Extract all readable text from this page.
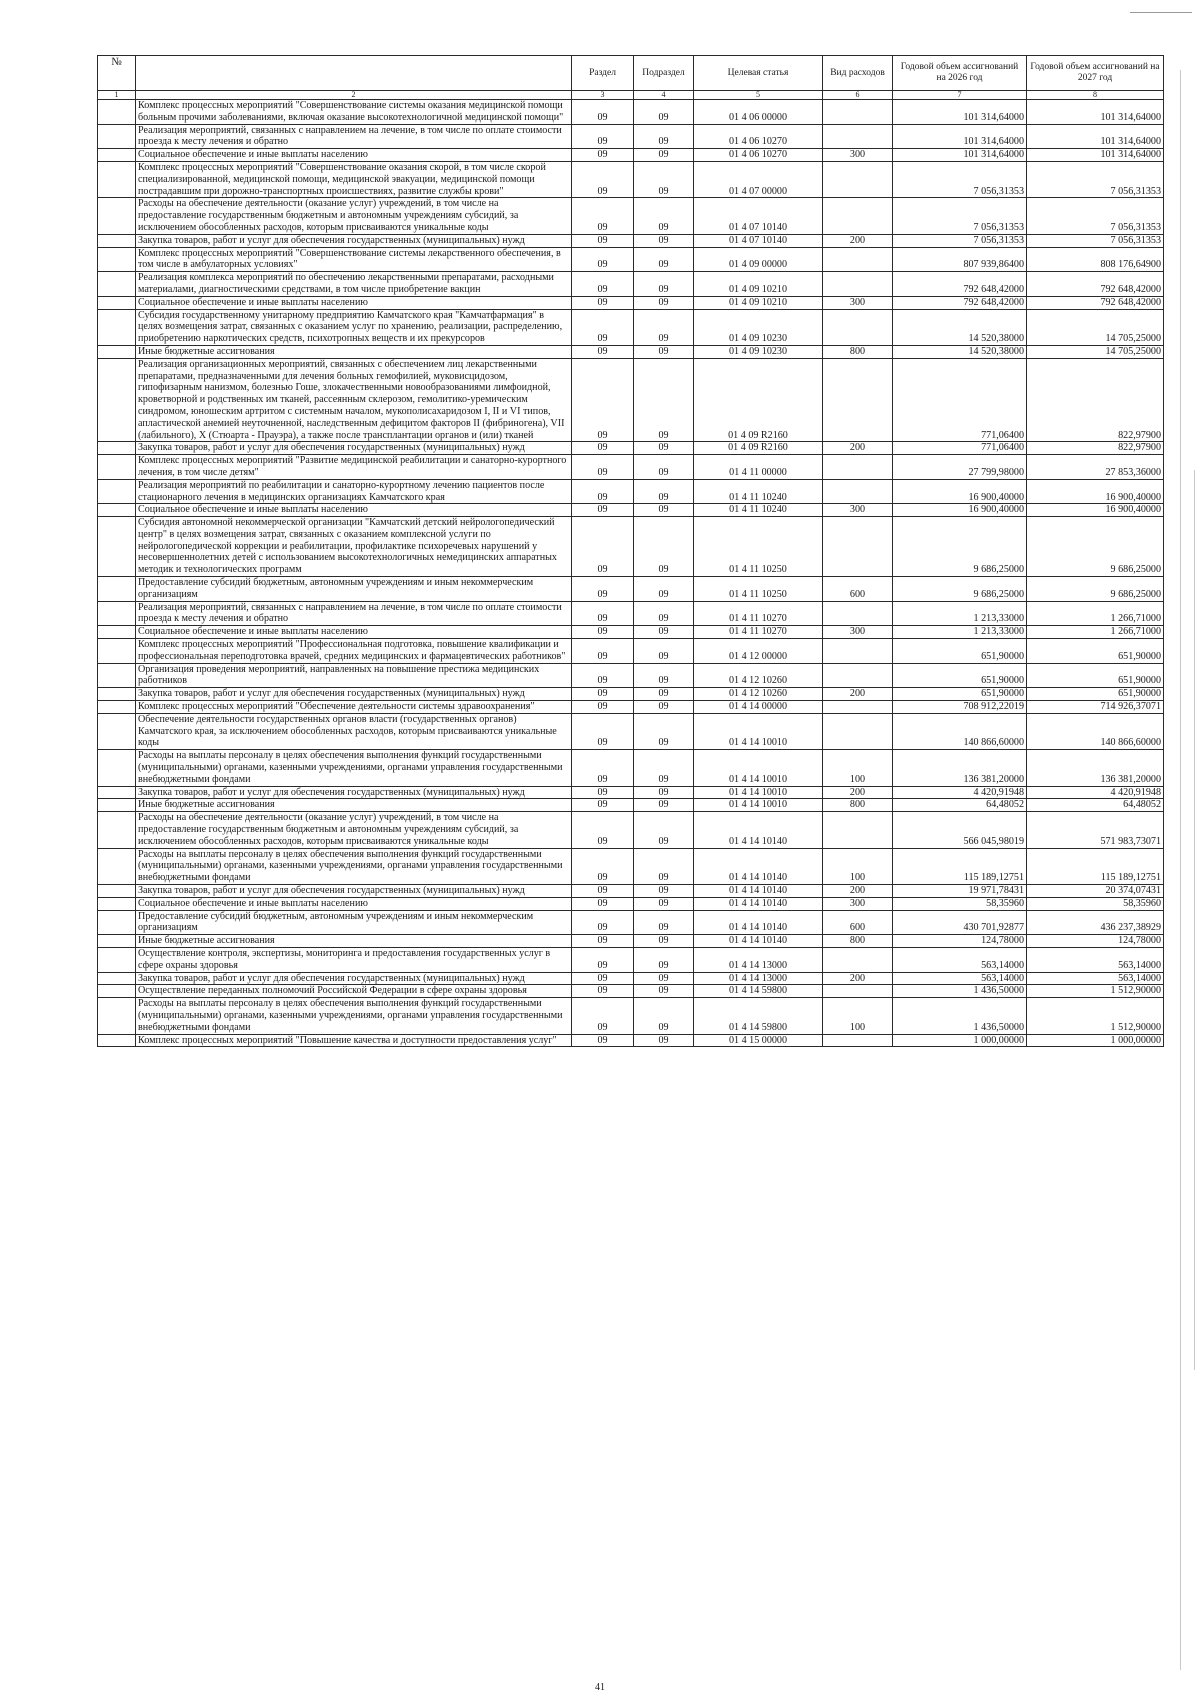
№		Раздел	Подраздел	Целевая статья	Вид расходов	Годовой объем ассигнований на 2026 год	Годовой объем ассигнований на 2027 год
1	2	3	4	5	6	7	8
	Комплекс процессных мероприятий "Совершенствование системы оказания медицинской помощи больным прочими заболеваниями, включая оказание высокотехнологичной медицинской помощи"	09	09	01 4 06 00000		101 314,64000	101 314,64000
	Реализация мероприятий, связанных с направлением на лечение, в том числе по оплате стоимости проезда к месту лечения и обратно	09	09	01 4 06 10270		101 314,64000	101 314,64000
	Социальное обеспечение и иные выплаты населению	09	09	01 4 06 10270	300	101 314,64000	101 314,64000
	Комплекс процессных мероприятий "Совершенствование оказания скорой, в том числе скорой специализированной, медицинской помощи, медицинской эвакуации, медицинской помощи пострадавшим при дорожно-транспортных происшествиях, развитие службы крови"	09	09	01 4 07 00000		7 056,31353	7 056,31353
	Расходы на обеспечение деятельности (оказание услуг) учреждений, в том числе на предоставление государственным бюджетным и автономным учреждениям субсидий, за исключением обособленных расходов, которым присваиваются уникальные коды	09	09	01 4 07 10140		7 056,31353	7 056,31353
	Закупка товаров, работ и услуг для обеспечения государственных (муниципальных) нужд	09	09	01 4 07 10140	200	7 056,31353	7 056,31353
	Комплекс процессных мероприятий "Совершенствование системы лекарственного обеспечения, в том числе в амбулаторных условиях"	09	09	01 4 09 00000		807 939,86400	808 176,64900
	Реализация комплекса мероприятий по обеспечению лекарственными препаратами, расходными материалами, диагностическими средствами, в том числе приобретение вакцин	09	09	01 4 09 10210		792 648,42000	792 648,42000
	Социальное обеспечение и иные выплаты населению	09	09	01 4 09 10210	300	792 648,42000	792 648,42000
	Субсидия государственному унитарному предприятию Камчатского края "Камчатфармация" в целях возмещения затрат, связанных с оказанием услуг по хранению, реализации, распределению, приобретению наркотических средств, психотропных веществ и их прекурсоров	09	09	01 4 09 10230		14 520,38000	14 705,25000
	Иные бюджетные ассигнования	09	09	01 4 09 10230	800	14 520,38000	14 705,25000
	Реализация организационных мероприятий, связанных с обеспечением лиц лекарственными препаратами, предназначенными для лечения больных гемофилией, муковисцидозом, гипофизарным нанизмом, болезнью Гоше, злокачественными новообразованиями лимфоидной, кроветворной и родственных им тканей, рассеянным склерозом, гемолитико-уремическим синдромом, юношеским артритом с системным началом, мукополисахаридозом I, II и VI типов, апластической анемией неуточненной, наследственным дефицитом факторов II (фибриногена), VII (лабильного), X (Стюарта - Прауэра), а также после трансплантации органов и (или) тканей	09	09	01 4 09 R2160		771,06400	822,97900
	Закупка товаров, работ и услуг для обеспечения государственных (муниципальных) нужд	09	09	01 4 09 R2160	200	771,06400	822,97900
	Комплекс процессных мероприятий "Развитие медицинской реабилитации и санаторно-курортного лечения, в том числе детям"	09	09	01 4 11 00000		27 799,98000	27 853,36000
	Реализация мероприятий по реабилитации и санаторно-курортному лечению пациентов после стационарного лечения в медицинских организациях Камчатского края	09	09	01 4 11 10240		16 900,40000	16 900,40000
	Социальное обеспечение и иные выплаты населению	09	09	01 4 11 10240	300	16 900,40000	16 900,40000
	Субсидия автономной некоммерческой организации "Камчатский детский нейрологопедический центр" в целях возмещения затрат, связанных с оказанием комплексной услуги по нейрологопедической коррекции и реабилитации, профилактике психоречевых нарушений у несовершеннолетних детей с использованием высокотехнологичных немедицинских аппаратных методик и технологических программ	09	09	01 4 11 10250		9 686,25000	9 686,25000
	Предоставление субсидий бюджетным, автономным учреждениям и иным некоммерческим организациям	09	09	01 4 11 10250	600	9 686,25000	9 686,25000
	Реализация мероприятий, связанных с направлением на лечение, в том числе по оплате стоимости проезда к месту лечения и обратно	09	09	01 4 11 10270		1 213,33000	1 266,71000
	Социальное обеспечение и иные выплаты населению	09	09	01 4 11 10270	300	1 213,33000	1 266,71000
	Комплекс процессных мероприятий "Профессиональная подготовка, повышение квалификации и профессиональная переподготовка врачей, средних медицинских и фармацевтических работников"	09	09	01 4 12 00000		651,90000	651,90000
	Организация проведения мероприятий, направленных на повышение престижа медицинских работников	09	09	01 4 12 10260		651,90000	651,90000
	Закупка товаров, работ и услуг для обеспечения государственных (муниципальных) нужд	09	09	01 4 12 10260	200	651,90000	651,90000
	Комплекс процессных мероприятий "Обеспечение деятельности системы здравоохранения"	09	09	01 4 14 00000		708 912,22019	714 926,37071
	Обеспечение деятельности государственных органов власти (государственных органов) Камчатского края, за исключением обособленных расходов, которым присваиваются уникальные коды	09	09	01 4 14 10010		140 866,60000	140 866,60000
	Расходы на выплаты персоналу в целях обеспечения выполнения функций государственными (муниципальными) органами, казенными учреждениями, органами управления государственными внебюджетными фондами	09	09	01 4 14 10010	100	136 381,20000	136 381,20000
	Закупка товаров, работ и услуг для обеспечения государственных (муниципальных) нужд	09	09	01 4 14 10010	200	4 420,91948	4 420,91948
	Иные бюджетные ассигнования	09	09	01 4 14 10010	800	64,48052	64,48052
	Расходы на обеспечение деятельности (оказание услуг) учреждений, в том числе на предоставление государственным бюджетным и автономным учреждениям субсидий, за исключением обособленных расходов, которым присваиваются уникальные коды	09	09	01 4 14 10140		566 045,98019	571 983,73071
	Расходы на выплаты персоналу в целях обеспечения выполнения функций государственными (муниципальными) органами, казенными учреждениями, органами управления государственными внебюджетными фондами	09	09	01 4 14 10140	100	115 189,12751	115 189,12751
	Закупка товаров, работ и услуг для обеспечения государственных (муниципальных) нужд	09	09	01 4 14 10140	200	19 971,78431	20 374,07431
	Социальное обеспечение и иные выплаты населению	09	09	01 4 14 10140	300	58,35960	58,35960
	Предоставление субсидий бюджетным, автономным учреждениям и иным некоммерческим организациям	09	09	01 4 14 10140	600	430 701,92877	436 237,38929
	Иные бюджетные ассигнования	09	09	01 4 14 10140	800	124,78000	124,78000
	Осуществление контроля, экспертизы, мониторинга и предоставления государственных услуг в сфере охраны здоровья	09	09	01 4 14 13000		563,14000	563,14000
	Закупка товаров, работ и услуг для обеспечения государственных (муниципальных) нужд	09	09	01 4 14 13000	200	563,14000	563,14000
	Осуществление переданных полномочий Российской Федерации в сфере охраны здоровья	09	09	01 4 14 59800		1 436,50000	1 512,90000
	Расходы на выплаты персоналу в целях обеспечения выполнения функций государственными (муниципальными) органами, казенными учреждениями, органами управления государственными внебюджетными фондами	09	09	01 4 14 59800	100	1 436,50000	1 512,90000
	Комплекс процессных мероприятий "Повышение качества и доступности предоставления услуг"	09	09	01 4 15 00000		1 000,00000	1 000,00000
41
